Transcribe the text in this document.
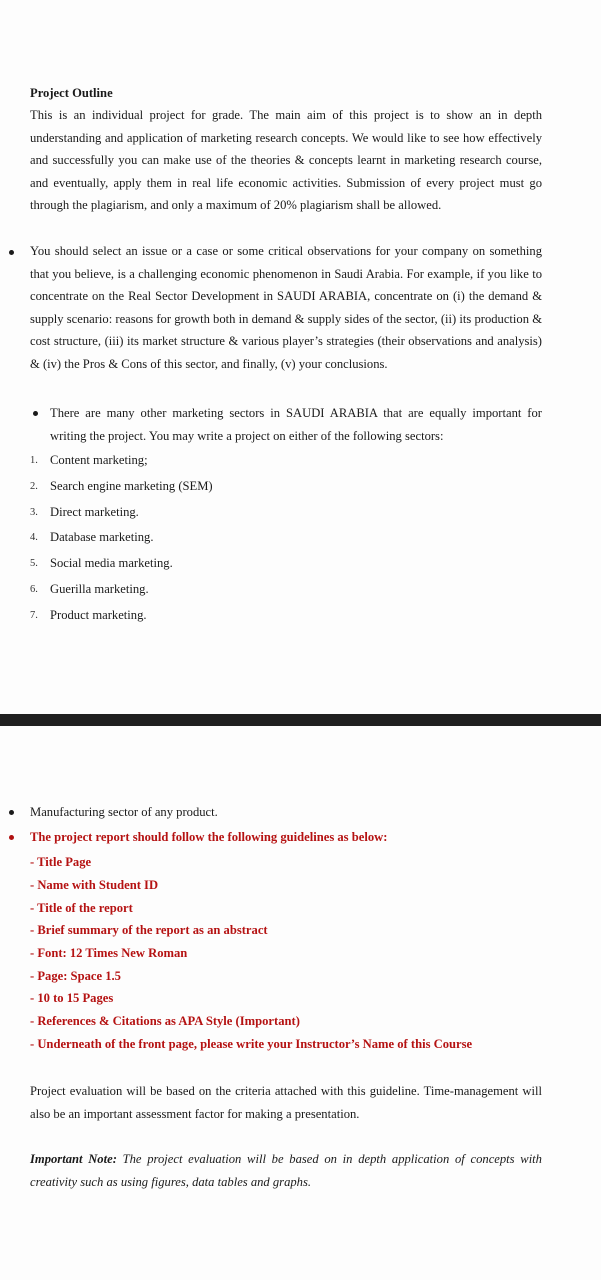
Project Outline

This is an individual project for grade. The main aim of this project is to show an in depth understanding and application of marketing research concepts. We would like to see how effectively and successfully you can make use of the theories & concepts learnt in marketing research course, and eventually, apply them in real life economic activities. Submission of every project must go through the plagiarism, and only a maximum of 20% plagiarism shall be allowed.

You should select an issue or a case or some critical observations for your company on something that you believe, is a challenging economic phenomenon in Saudi Arabia. For example, if you like to concentrate on the Real Sector Development in SAUDI ARABIA, concentrate on (i) the demand & supply scenario: reasons for growth both in demand & supply sides of the sector, (ii) its production & cost structure, (iii) its market structure & various player’s strategies (their observations and analysis) & (iv) the Pros & Cons of this sector, and finally, (v) your conclusions.

There are many other marketing sectors in SAUDI ARABIA that are equally important for writing the project. You may write a project on either of the following sectors:

1. Content marketing;
2. Search engine marketing (SEM)
3. Direct marketing.
4. Database marketing.
5. Social media marketing.
6. Guerilla marketing.
7. Product marketing.
Manufacturing sector of any product.
The project report should follow the following guidelines as below:
- Title Page
- Name with Student ID
- Title of the report
- Brief summary of the report as an abstract
- Font: 12 Times New Roman
- Page: Space 1.5
- 10 to 15 Pages
- References & Citations as APA Style (Important)
- Underneath of the front page, please write your Instructor’s Name of this Course

Project evaluation will be based on the criteria attached with this guideline. Time-management will also be an important assessment factor for making a presentation.

Important Note: The project evaluation will be based on in depth application of concepts with creativity such as using figures, data tables and graphs.
